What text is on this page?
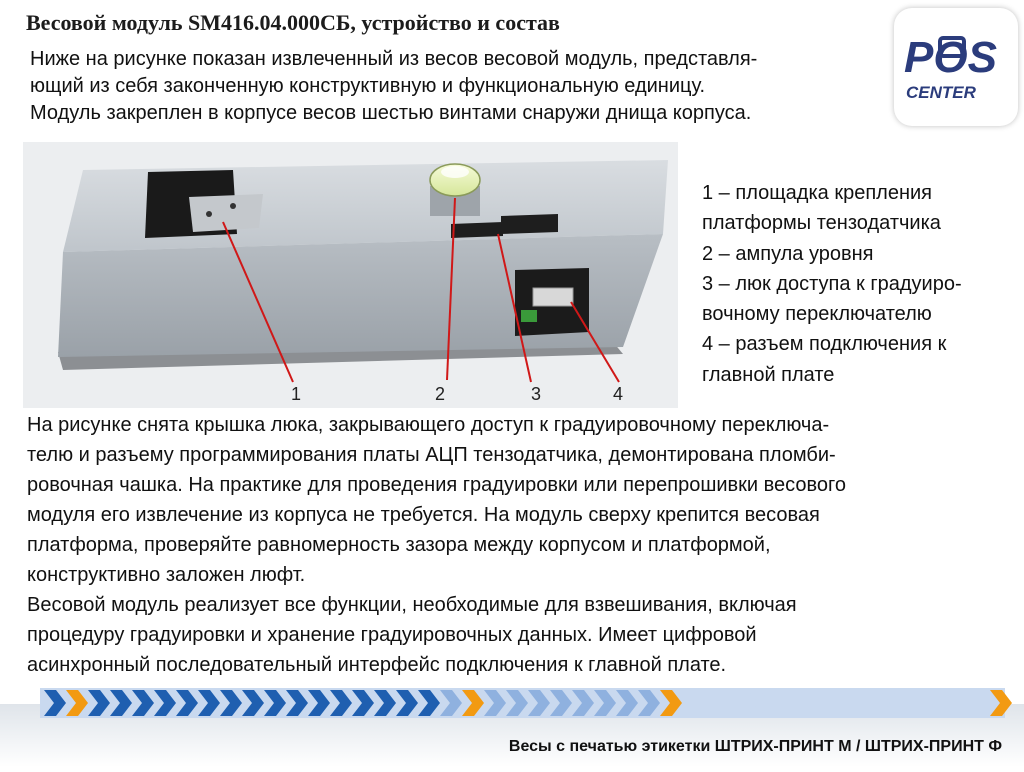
Весовой модуль SM416.04.000СБ, устройство и состав
Ниже на рисунке показан извлеченный из весов весовой модуль, представля-
ющий из себя законченную конструктивную и функциональную единицу.
Модуль закреплен в корпусе весов шестью винтами снаружи днища корпуса.
POS
CENTER
1	2	3	4
1 – площадка крепления
платформы тензодатчика
2 – ампула уровня
3 – люк доступа к градуиро-
вочному переключателю
4 – разъем подключения к
главной плате
На рисунке снята крышка люка, закрывающего доступ к градуировочному переключа-
телю и разъему программирования платы АЦП тензодатчика, демонтирована пломби-
ровочная чашка. На практике для проведения градуировки или перепрошивки весового
модуля его извлечение из корпуса не требуется. На модуль сверху крепится весовая
платформа, проверяйте равномерность зазора между корпусом и платформой,
конструктивно заложен люфт.
Весовой модуль реализует все функции, необходимые для взвешивания, включая
процедуру градуировки и хранение градуировочных данных. Имеет цифровой
асинхронный последовательный интерфейс подключения к главной плате.
Весы с печатью этикетки ШТРИХ-ПРИНТ М / ШТРИХ-ПРИНТ Ф
